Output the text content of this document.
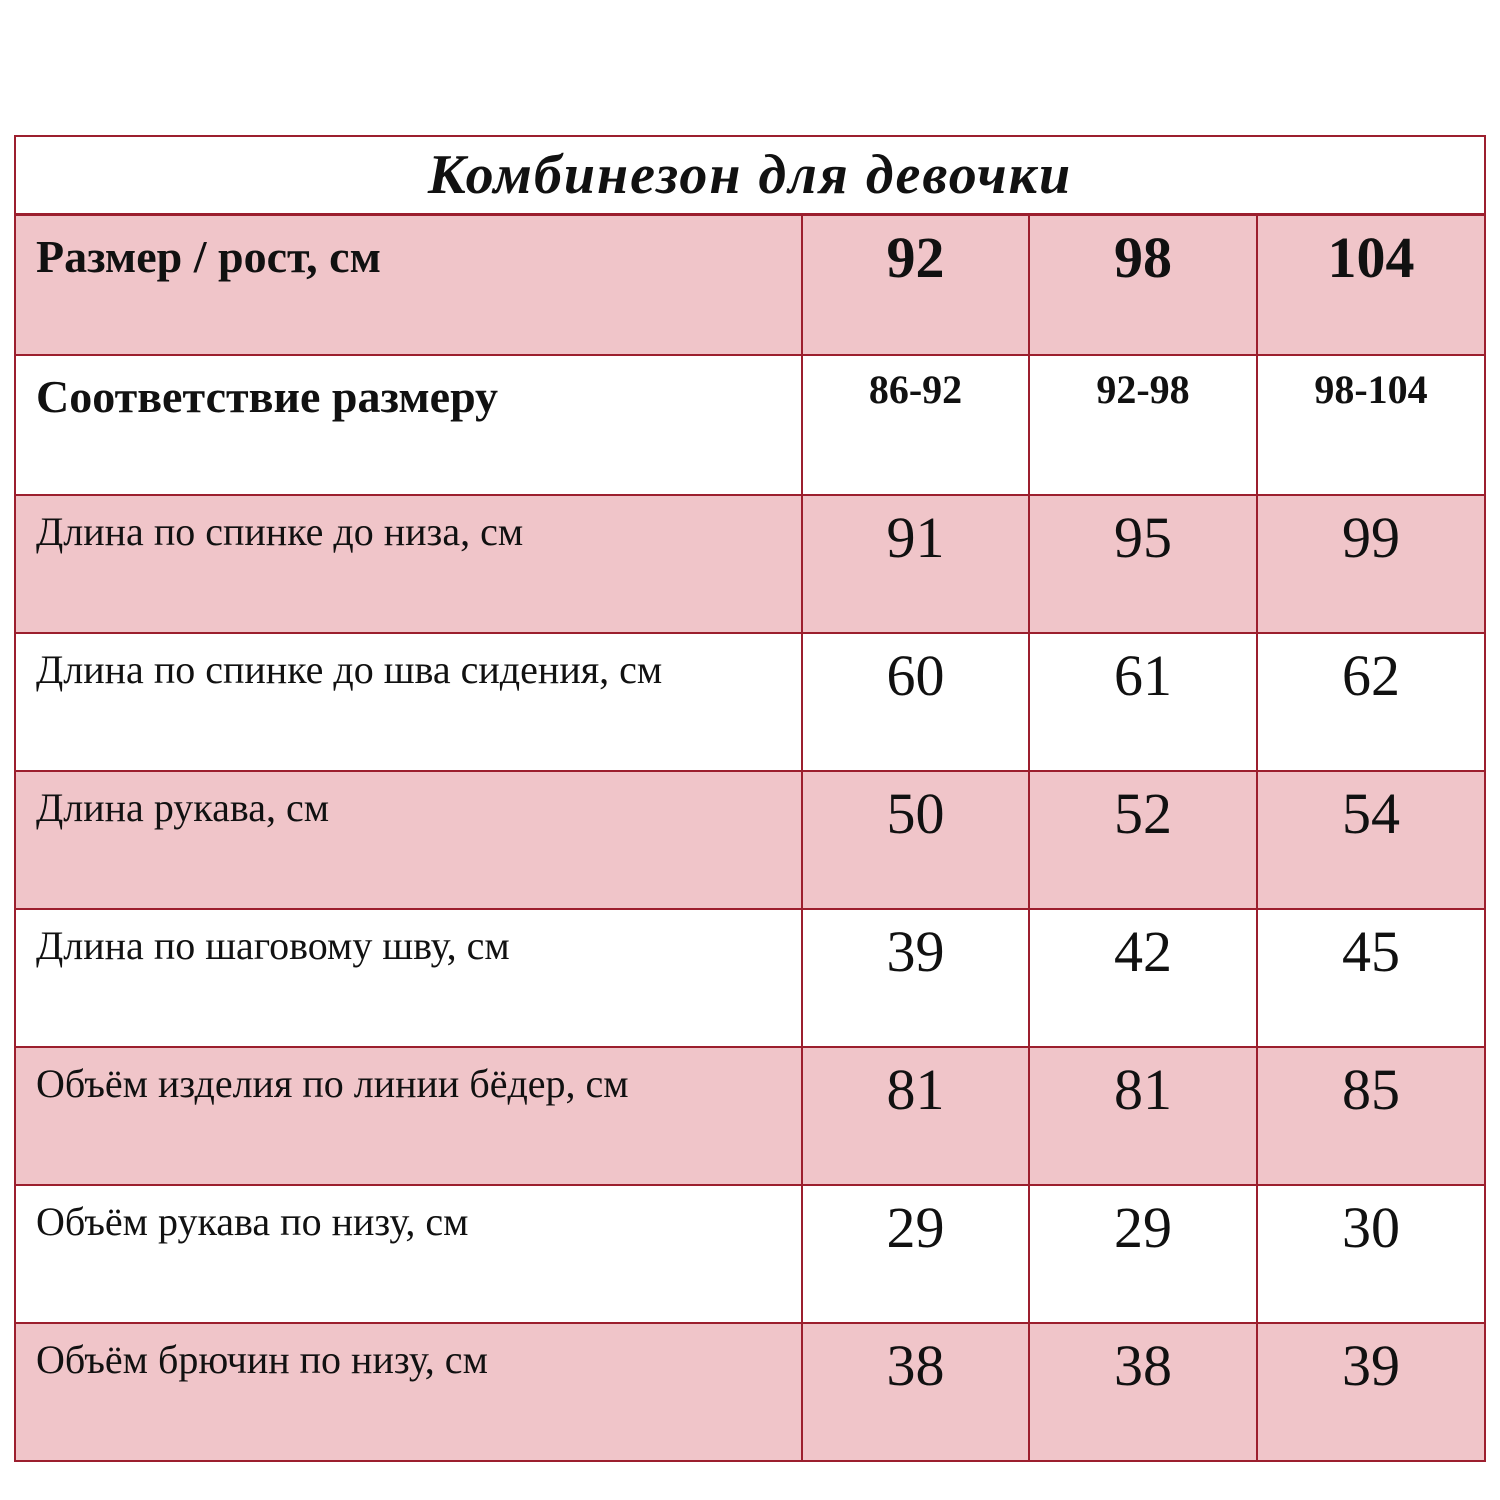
Комбинезон для девочки
Размер / рост, см	92	98	104
Соответствие размеру	86-92	92-98	98-104
Длина по спинке до низа, см	91	95	99
Длина по спинке до шва сидения, см	60	61	62
Длина рукава, см	50	52	54
Длина по шаговому шву, см	39	42	45
Объём изделия по линии бёдер, см	81	81	85
Объём рукава по низу, см	29	29	30
Объём брючин по низу, см	38	38	39
